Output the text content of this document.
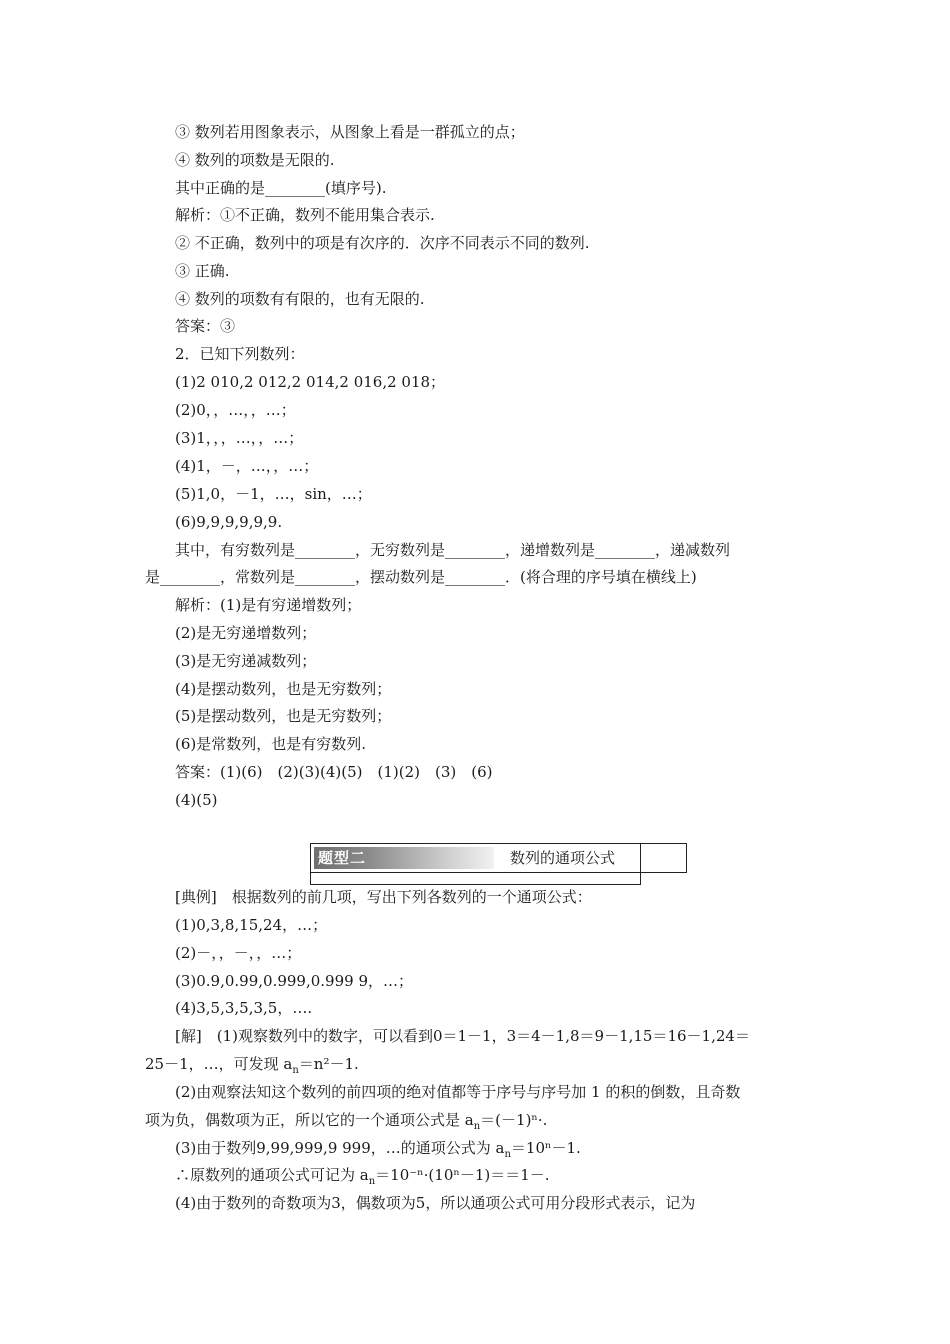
③ 数列若用图象表示，从图象上看是一群孤立的点；
④ 数列的项数是无限的.
其中正确的是________(填序号).
解析：①不正确，数列不能用集合表示.
② 不正确，数列中的项是有次序的．次序不同表示不同的数列.
③ 正确.
④ 数列的项数有有限的，也有无限的.
答案：③
2．已知下列数列：
(1)2 010,2 012,2 014,2 016,2 018；
(2)0，，…，，…；
(3)1，，，…，，…；
(4)1，－，…，，…；
(5)1,0，－1，…，sin，…；
(6)9,9,9,9,9,9.
其中，有穷数列是________，无穷数列是________，递增数列是________，递减数列
是________，常数列是________，摆动数列是________．(将合理的序号填在横线上)
解析：(1)是有穷递增数列；
(2)是无穷递增数列；
(3)是无穷递减数列；
(4)是摆动数列，也是无穷数列；
(5)是摆动数列，也是无穷数列；
(6)是常数列，也是有穷数列.
答案：(1)(6)　(2)(3)(4)(5)　(1)(2)　(3)　(6)
(4)(5)
题型二	数列的通项公式
[典例]　根据数列的前几项，写出下列各数列的一个通项公式：
(1)0,3,8,15,24，…；
(2)－，，－，，…；
(3)0.9,0.99,0.999,0.999 9，…；
(4)3,5,3,5,3,5，….
[解]　(1)观察数列中的数字，可以看到0＝1－1，3＝4－1,8＝9－1,15＝16－1,24＝
25－1，…，可发现 $a_n=n^2-1$.
(2)由观察法知这个数列的前四项的绝对值都等于序号与序号加 1 的积的倒数，且奇数
项为负，偶数项为正，所以它的一个通项公式是 $a_n=(-1)^n\cdot$.
(3)由于数列9,99,999,9 999，…的通项公式为 $a_n=10^n-1$.
∴原数列的通项公式可记为 $a_n=10^{-n}\cdot(10^n-1)==1-$.
(4)由于数列的奇数项为3，偶数项为5，所以通项公式可用分段形式表示，记为
